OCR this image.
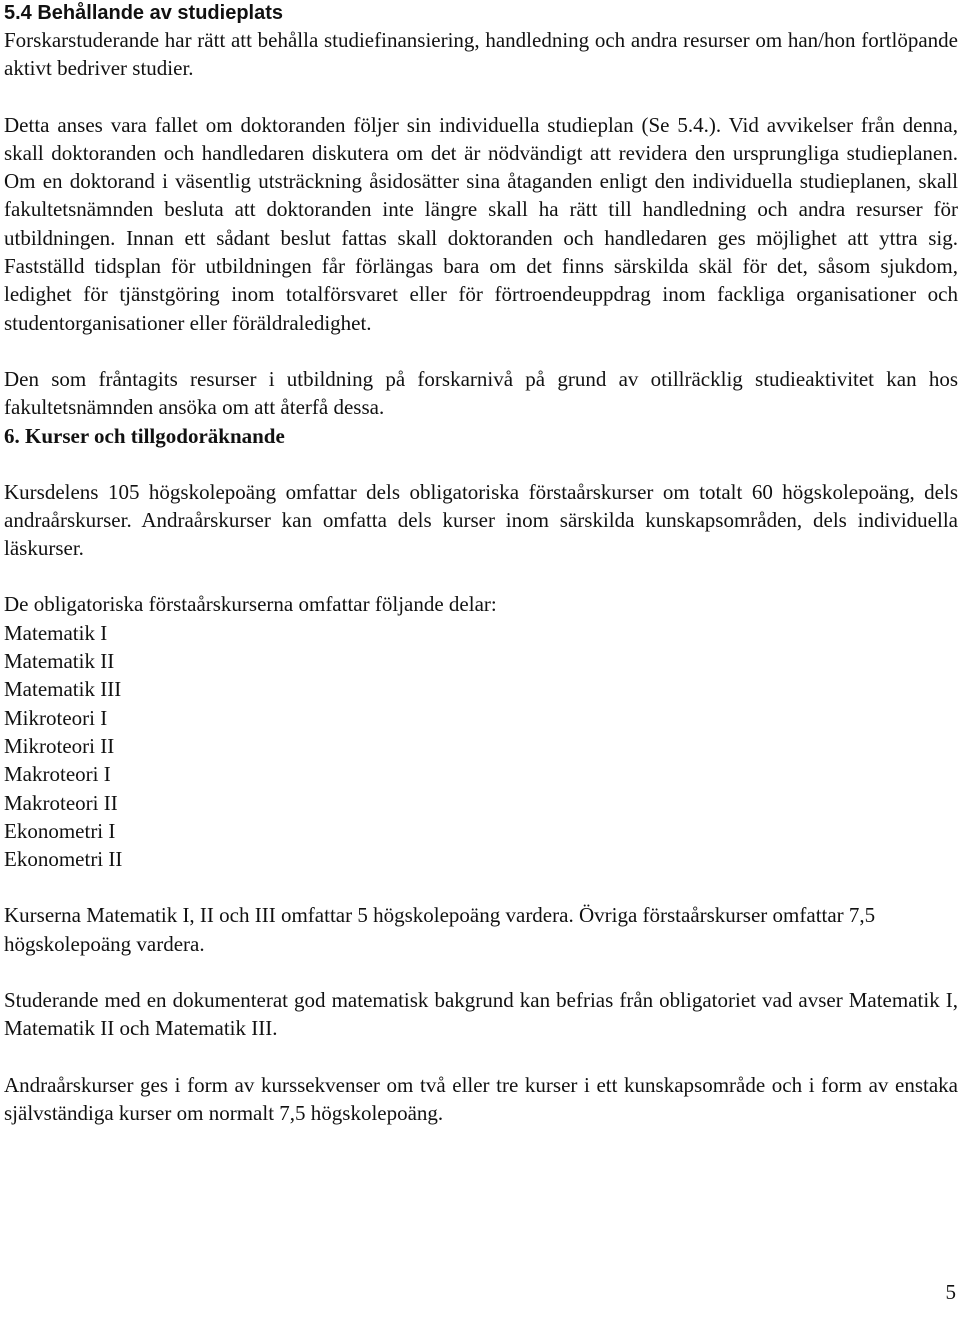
5.4 Behållande av studieplats

Forskarstuderande har rätt att behålla studiefinansiering, handledning och andra resurser om han/hon fortlöpande aktivt bedriver studier.

Detta anses vara fallet om doktoranden följer sin individuella studieplan (Se 5.4.). Vid avvikelser från denna, skall doktoranden och handledaren diskutera om det är nödvändigt att revidera den ursprungliga studieplanen. Om en doktorand i väsentlig utsträckning åsidosätter sina åtaganden enligt den individuella studieplanen, skall fakultetsnämnden besluta att doktoranden inte längre skall ha rätt till handledning och andra resurser för utbildningen. Innan ett sådant beslut fattas skall doktoranden och handledaren ges möjlighet att yttra sig. Fastställd tidsplan för utbildningen får förlängas bara om det finns särskilda skäl för det, såsom sjukdom, ledighet för tjänstgöring inom totalförsvaret eller för förtroendeuppdrag inom fackliga organisationer och studentorganisationer eller föräldraledighet.

Den som fråntagits resurser i utbildning på forskarnivå på grund av otillräcklig studieaktivitet kan hos fakultetsnämnden ansöka om att återfå dessa.

6. Kurser och tillgodoräknande

Kursdelens 105 högskolepoäng omfattar dels obligatoriska förstaårskurser om totalt 60 högskolepoäng, dels andraårskurser. Andraårskurser kan omfatta dels kurser inom särskilda kunskapsområden, dels individuella läskurser.

De obligatoriska förstaårskurserna omfattar följande delar:

Matematik I
Matematik II
Matematik III
Mikroteori I
Mikroteori II
Makroteori I
Makroteori II
Ekonometri I
Ekonometri II

Kurserna Matematik I, II och III omfattar 5 högskolepoäng vardera. Övriga förstaårskurser omfattar 7,5 högskolepoäng vardera.

Studerande med en dokumenterat god matematisk bakgrund kan befrias från obligatoriet vad avser Matematik I, Matematik II och Matematik III.

Andraårskurser ges i form av kurssekvenser om två eller tre kurser i ett kunskapsområde och i form av enstaka självständiga kurser om normalt 7,5 högskolepoäng.

5
